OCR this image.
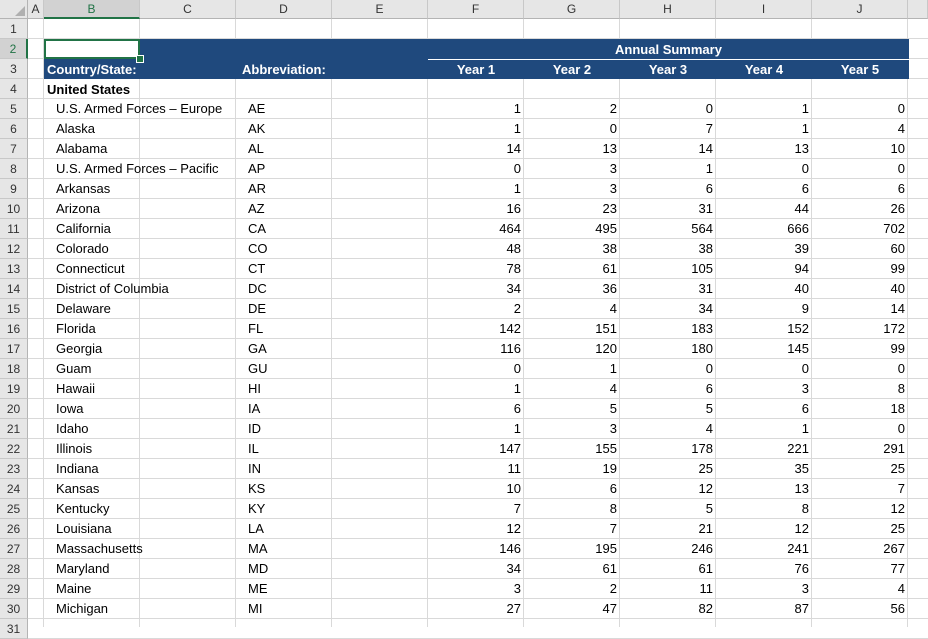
A	B	C	D	E	F	G	H	I	J
1
2
3
4
5
6
7
8
9
10
11
12
13
14
15
16
17
18
19
20
21
22
23
24
25
26
27
28
29
30
31
Annual Summary
Country/State:	Abbreviation:	Year 1	Year 2	Year 3	Year 4	Year 5
United States
U.S. Armed Forces – Europe	AE	1	2	0	1	0
Alaska	AK	1	0	7	1	4
Alabama	AL	14	13	14	13	10
U.S. Armed Forces – Pacific	AP	0	3	1	0	0
Arkansas	AR	1	3	6	6	6
Arizona	AZ	16	23	31	44	26
California	CA	464	495	564	666	702
Colorado	CO	48	38	38	39	60
Connecticut	CT	78	61	105	94	99
District of Columbia	DC	34	36	31	40	40
Delaware	DE	2	4	34	9	14
Florida	FL	142	151	183	152	172
Georgia	GA	116	120	180	145	99
Guam	GU	0	1	0	0	0
Hawaii	HI	1	4	6	3	8
Iowa	IA	6	5	5	6	18
Idaho	ID	1	3	4	1	0
Illinois	IL	147	155	178	221	291
Indiana	IN	11	19	25	35	25
Kansas	KS	10	6	12	13	7
Kentucky	KY	7	8	5	8	12
Louisiana	LA	12	7	21	12	25
Massachusetts	MA	146	195	246	241	267
Maryland	MD	34	61	61	76	77
Maine	ME	3	2	11	3	4
Michigan	MI	27	47	82	87	56
